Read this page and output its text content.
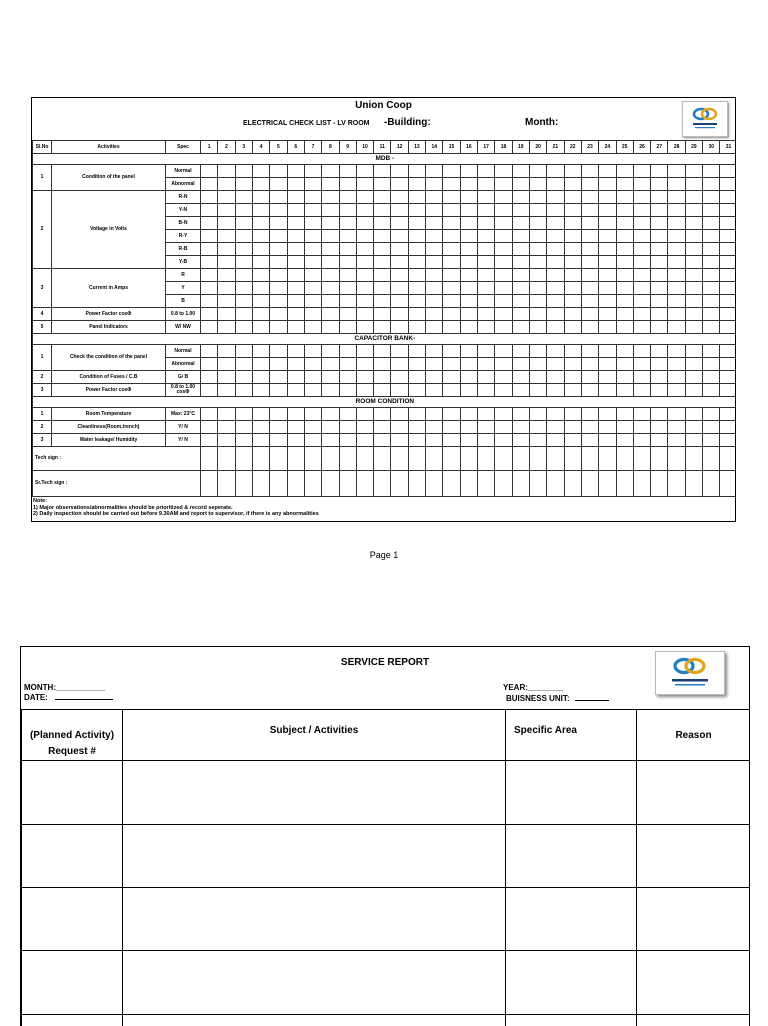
Union Coop
ELECTRICAL CHECK LIST - LV ROOM -Building:	Month:
Sl.No	Activities	Spec	1	2	3	4	5	6	7	8	9	10	11	12	13	14	15	16	17	18	19	20	21	22	23	24	25	26	27	28	29	30	31
MDB -																																	
1	Condition of the panel	Normal																															
		Abnormal																															
2	Voltage in Volts	R-N																															
		Y-N																															
		B-N																															
		R-Y																															
		R-B																															
		Y-B																															
3	Current in Amps	R																															
		Y																															
		B																															
4	Power Factor cosΦ	0.8 to 1.00																															
5	Panel Indicators	W/ NW																															
CAPACITOR BANK-																																	
1	Check the condition of the panel	Normal																															
		Abnormal																															
2	Condition of Fuses / C.B	G/ B																															
3	Power Factor cosΦ	0.8 to 1.00 cosΦ																															
ROOM CONDITION																																	
1	Room Temperature	Max: 23°C																															
2	Cleanliness(Room,trench)	Y/ N																															
3	Water leakage/ Humidity	Y/ N																															
Tech sign :																																	
Sr.Tech sign :																																	
Note:
1) Major observations/abnormalities should be prioritized & record seperate.
2) Daily inspection should be carried out before 9.30AM and report to supervisor, if there is any abnormalities
Page 1
SERVICE REPORT
MONTH:___________
DATE:
YEAR:________
BUISNESS UNIT:
(Planned Activity)
Request #	Subject / Activities	Specific Area	Reason
